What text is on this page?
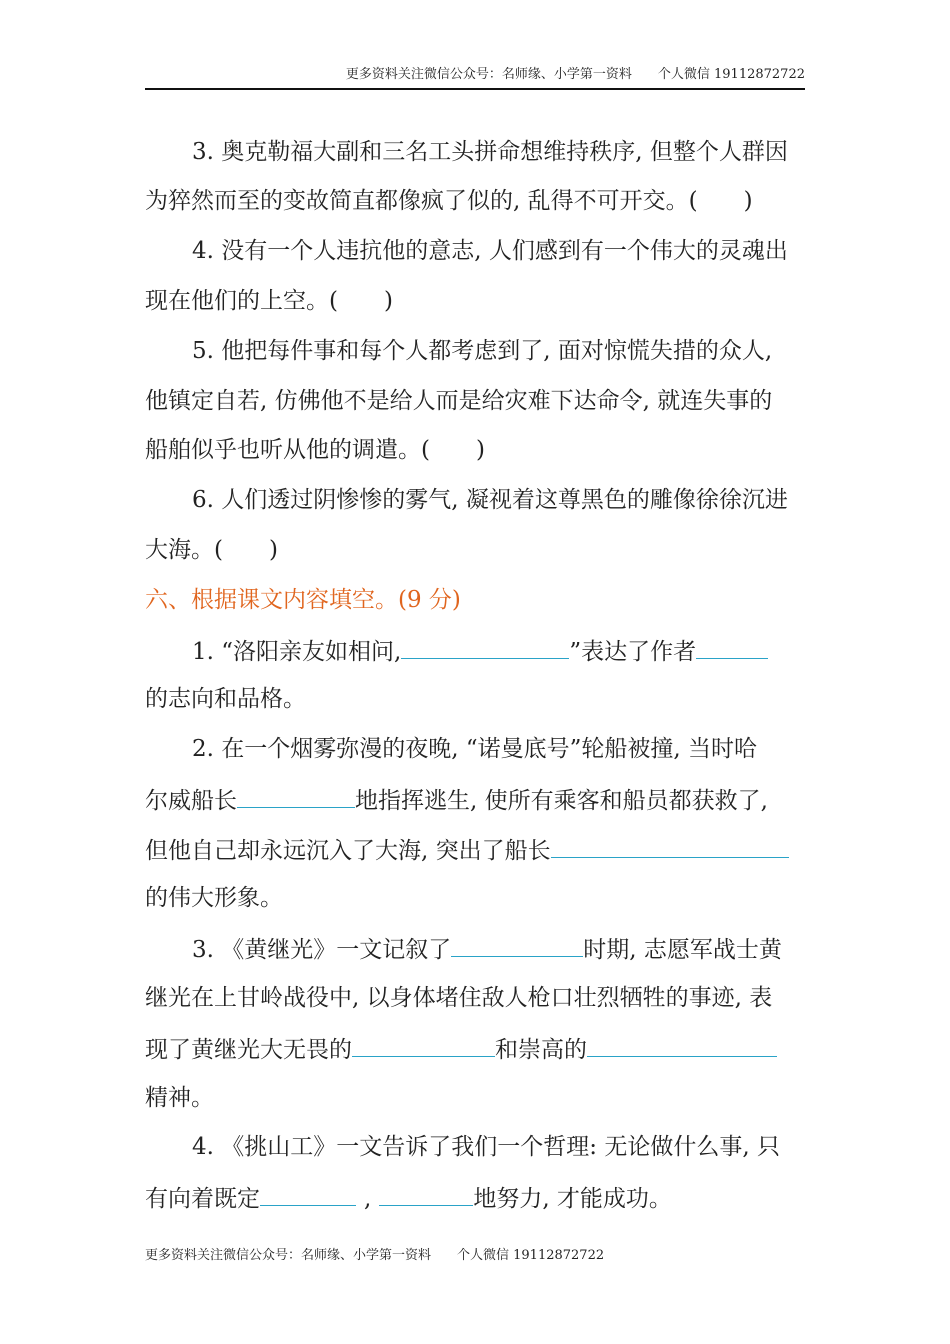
更多资料关注微信公众号：名师缘、小学第一资料　　个人微信 19112872722
3. 奥克勒福大副和三名工头拼命想维持秩序, 但整个人群因
为猝然而至的变故简直都像疯了似的, 乱得不可开交。(　　)
4. 没有一个人违抗他的意志, 人们感到有一个伟大的灵魂出
现在他们的上空。(　　)
5. 他把每件事和每个人都考虑到了, 面对惊慌失措的众人,
他镇定自若, 仿佛他不是给人而是给灾难下达命令, 就连失事的
船舶似乎也听从他的调遣。(　　)
6. 人们透过阴惨惨的雾气, 凝视着这尊黑色的雕像徐徐沉进
大海。(　　)
六、根据课文内容填空。(9 分)
1. “洛阳亲友如相问,	”表达了作者
的志向和品格。
2. 在一个烟雾弥漫的夜晚, “诺曼底号”轮船被撞, 当时哈
尔威船长	地指挥逃生, 使所有乘客和船员都获救了,
但他自己却永远沉入了大海, 突出了船长
的伟大形象。
3. 《黄继光》一文记叙了	时期, 志愿军战士黄
继光在上甘岭战役中, 以身体堵住敌人枪口壮烈牺牲的事迹, 表
现了黄继光大无畏的	和崇高的
精神。
4. 《挑山工》一文告诉了我们一个哲理: 无论做什么事, 只
有向着既定	,	地努力, 才能成功。
更多资料关注微信公众号：名师缘、小学第一资料　　个人微信 19112872722
